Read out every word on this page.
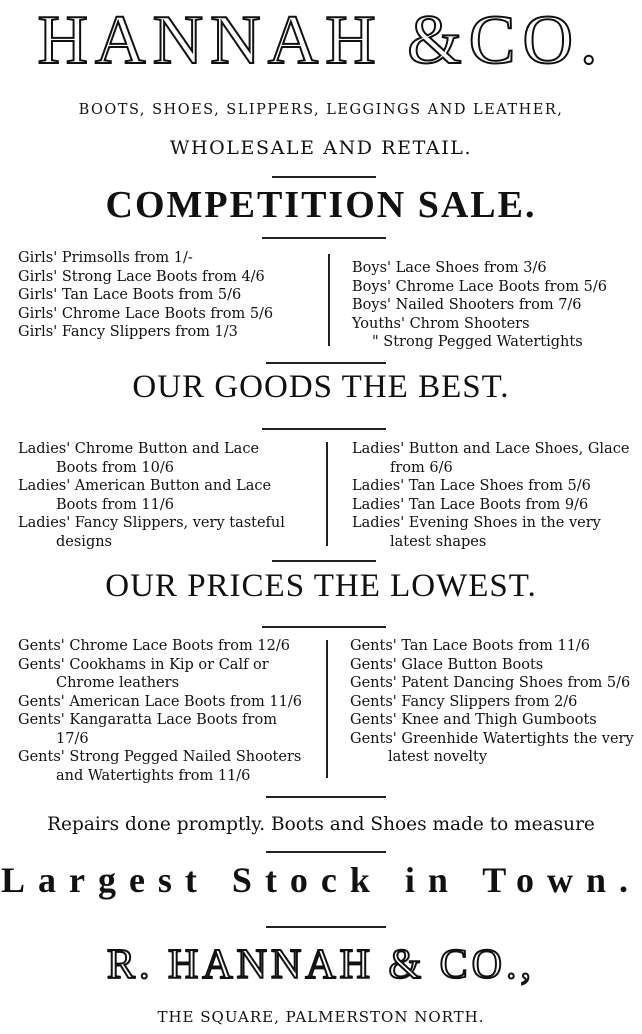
HANNAH &CO.
BOOTS, SHOES, SLIPPERS, LEGGINGS AND LEATHER,
WHOLESALE AND RETAIL.
COMPETITION SALE.
Girls' Primsolls from 1/-
Girls' Strong Lace Boots from 4/6
Girls' Tan Lace Boots from 5/6
Girls' Chrome Lace Boots from 5/6
Girls' Fancy Slippers from 1/3
Boys' Lace Shoes from 3/6
Boys' Chrome Lace Boots from 5/6
Boys' Nailed Shooters from 7/6
Youths' Chrom Shooters
" Strong Pegged Watertights
OUR GOODS THE BEST.
Ladies' Chrome Button and Lace
Boots from 10/6
Ladies' American Button and Lace
Boots from 11/6
Ladies' Fancy Slippers, very tasteful
designs
Ladies' Button and Lace Shoes, Glace
from 6/6
Ladies' Tan Lace Shoes from 5/6
Ladies' Tan Lace Boots from 9/6
Ladies' Evening Shoes in the very
latest shapes
OUR PRICES THE LOWEST.
Gents' Chrome Lace Boots from 12/6
Gents' Cookhams in Kip or Calf or
Chrome leathers
Gents' American Lace Boots from 11/6
Gents' Kangaratta Lace Boots from
17/6
Gents' Strong Pegged Nailed Shooters
and Watertights from 11/6
Gents' Tan Lace Boots from 11/6
Gents' Glace Button Boots
Gents' Patent Dancing Shoes from 5/6
Gents' Fancy Slippers from 2/6
Gents' Knee and Thigh Gumboots
Gents' Greenhide Watertights the very
latest novelty
Repairs done promptly. Boots and Shoes made to measure
Largest Stock in Town.
R. HANNAH & CO.,
THE SQUARE, PALMERSTON NORTH.
